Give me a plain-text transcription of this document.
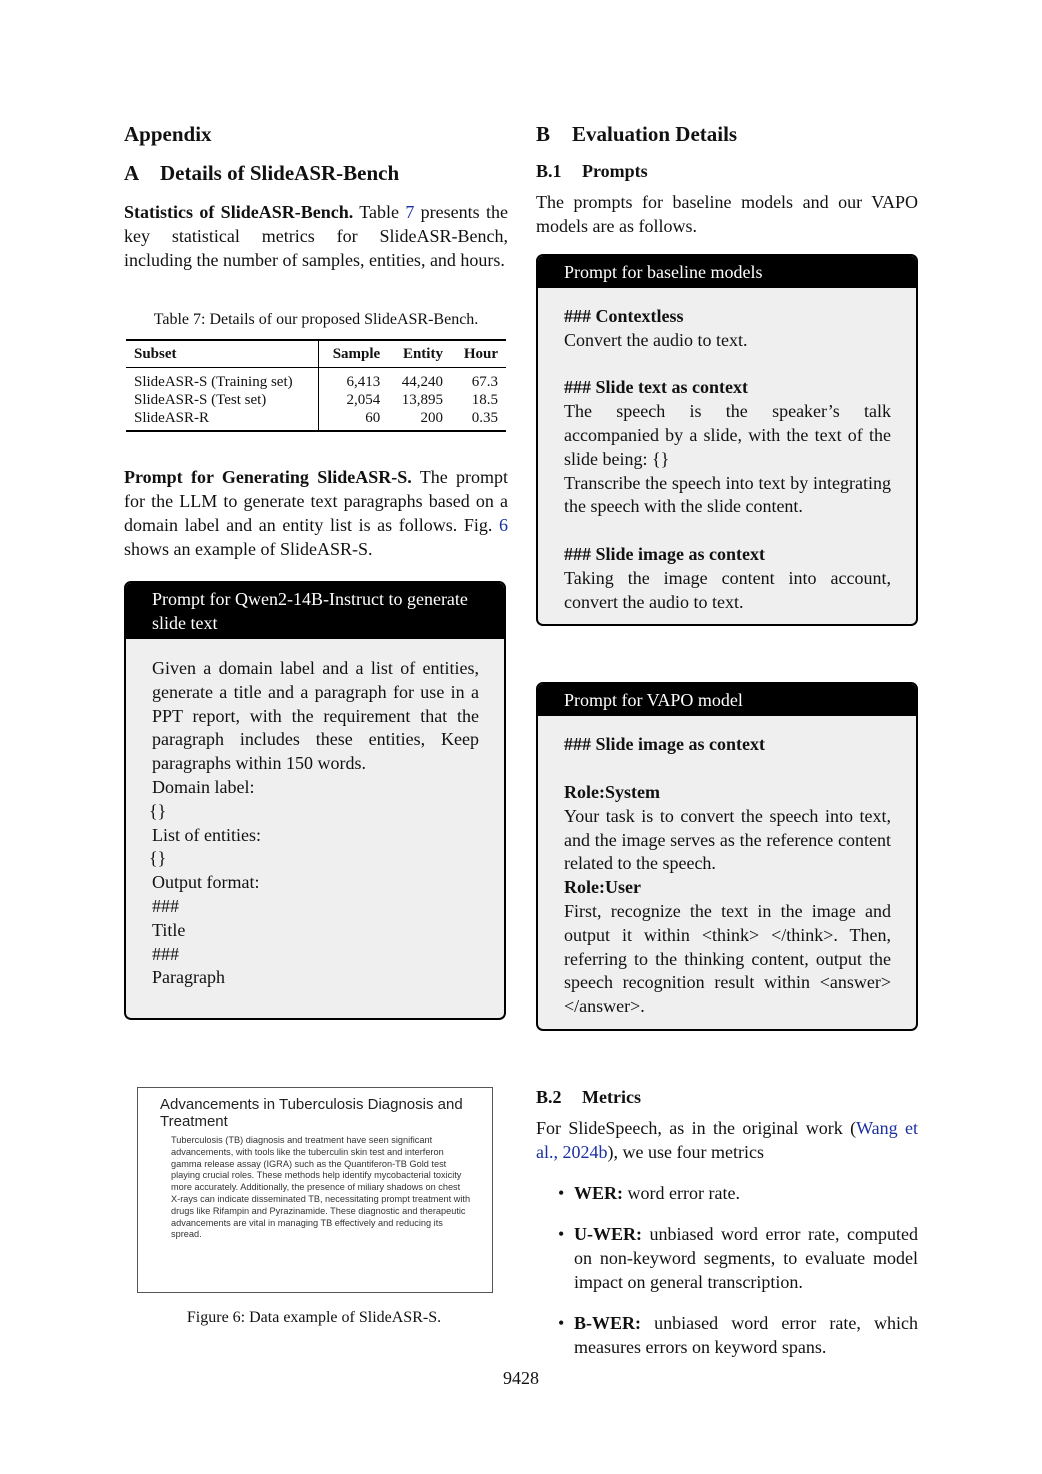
Appendix
A Details of SlideASR-Bench

Statistics of SlideASR-Bench. Table 7 presents the key statistical metrics for SlideASR-Bench, including the number of samples, entities, and hours.

Table 7: Details of our proposed SlideASR-Bench.
Subset	Sample	Entity	Hour
SlideASR-S (Training set)	6,413	44,240	67.3
SlideASR-S (Test set)	2,054	13,895	18.5
SlideASR-R	60	200	0.35

Prompt for Generating SlideASR-S. The prompt for the LLM to generate text paragraphs based on a domain label and an entity list is as follows. Fig. 6 shows an example of SlideASR-S.

Prompt for Qwen2-14B-Instruct to generate slide text
Given a domain label and a list of entities, generate a title and a paragraph for use in a PPT report, with the requirement that the paragraph includes these entities, Keep paragraphs within 150 words.
Domain label:
{}
List of entities:
{}
Output format:
###
Title
###
Paragraph
Advancements in Tuberculosis Diagnosis and Treatment
Tuberculosis (TB) diagnosis and treatment have seen significant advancements, with tools like the tuberculin skin test and interferon gamma release assay (IGRA) such as the Quantiferon-TB Gold test playing crucial roles. These methods help identify mycobacterial toxicity more accurately. Additionally, the presence of miliary shadows on chest X-rays can indicate disseminated TB, necessitating prompt treatment with drugs like Rifampin and Pyrazinamide. These diagnostic and therapeutic advancements are vital in managing TB effectively and reducing its spread.
Figure 6: Data example of SlideASR-S.
B Evaluation Details
B.1 Prompts

The prompts for baseline models and our VAPO models are as follows.

Prompt for baseline models
### Contextless
Convert the audio to text.
### Slide text as context
The speech is the speaker’s talk accompanied by a slide, with the text of the slide being: {}
Transcribe the speech into text by integrating the speech with the slide content.
### Slide image as context
Taking the image content into account, convert the audio to text.
Prompt for VAPO model
### Slide image as context
Role:System
Your task is to convert the speech into text, and the image serves as the reference content related to the speech.
Role:User
First, recognize the text in the image and output it within <think> </think>. Then, referring to the thinking content, output the speech recognition result within <answer> </answer>.
B.2 Metrics

For SlideSpeech, as in the original work (Wang et al., 2024b), we use four metrics

• WER: word error rate.
• U-WER: unbiased word error rate, computed on non-keyword segments, to evaluate model impact on general transcription.
• B-WER: unbiased word error rate, which measures errors on keyword spans.
9428
